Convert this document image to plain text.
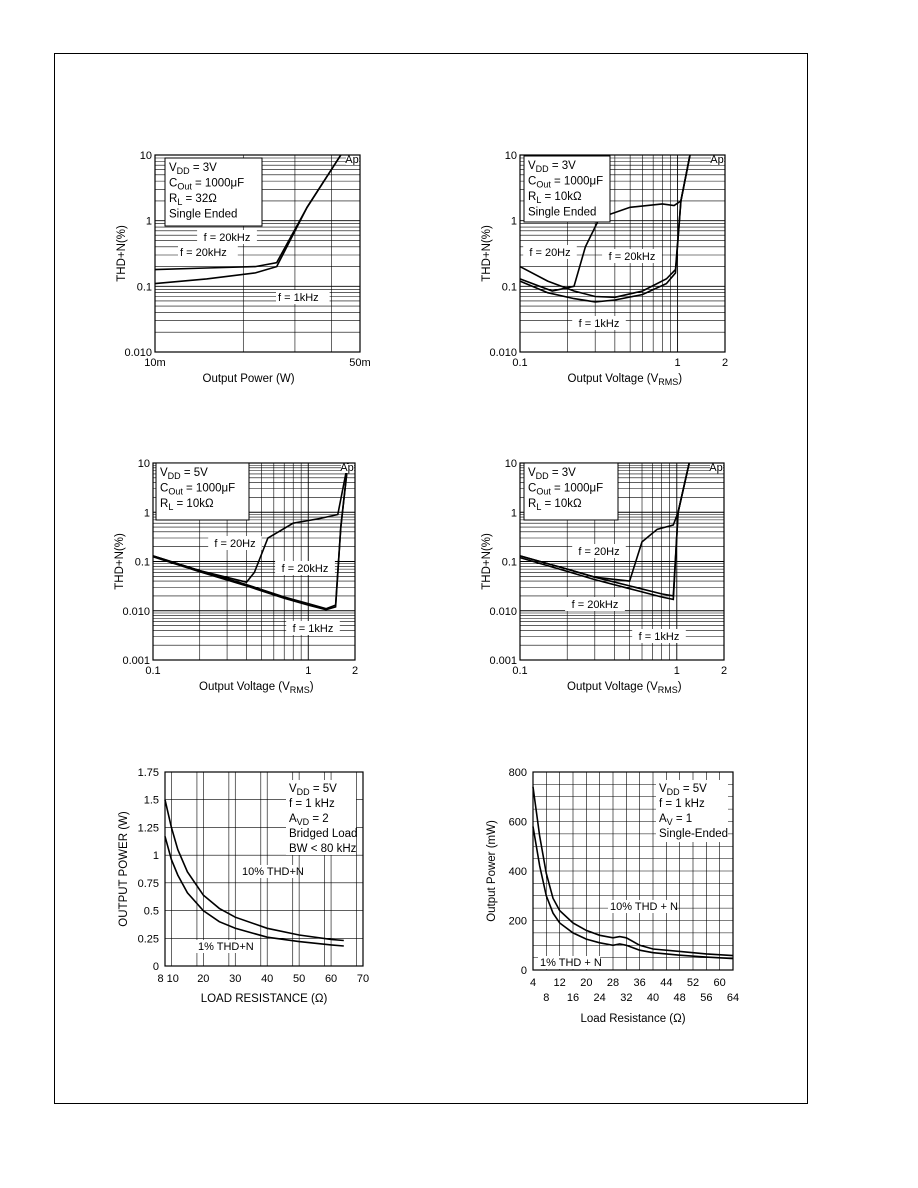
10
1
0.1
0.010
10m	50m
Output Power (W)
THD+N(%)
Ap
VDD = 3V
COut = 1000μF
RL = 32Ω
Single Ended
f = 20kHz
f = 20kHz
f = 1kHz
10
1
0.1
0.010
0.1	1	2
Output Voltage (VRMS)
THD+N(%)
Ap
VDD = 3V
COut = 1000μF
RL = 10kΩ
Single Ended
f = 20Hz	f = 20kHz
f = 1kHz
10
1
0.1
0.010
0.001
0.1	1	2
Output Voltage (VRMS)
THD+N(%)
Ap
VDD = 5V
COut = 1000μF
RL = 10kΩ
f = 20Hz
f = 20kHz
f = 1kHz
10
1
0.1
0.010
0.001
0.1	1	2
Output Voltage (VRMS)
THD+N(%)
Ap
VDD = 3V
COut = 1000μF
RL = 10kΩ
f = 20Hz
f = 20kHz
f = 1kHz
1.75
1.5
1.25
1
0.75
0.5
0.25
0
8 10 20 30 40 50 60 70
LOAD RESISTANCE (Ω)
OUTPUT POWER (W)
VDD = 5V
f = 1 kHz
AVD = 2
Bridged Load
BW < 80 kHz
10% THD+N
1% THD+N
800
600
400
200
0
4
8
12
16
20
24
28
32
36
40
44
48
52
56
60
64
Load Resistance (Ω)
Output Power (mW)
VDD = 5V
f = 1 kHz
AV = 1
Single-Ended
10% THD + N
1% THD + N
